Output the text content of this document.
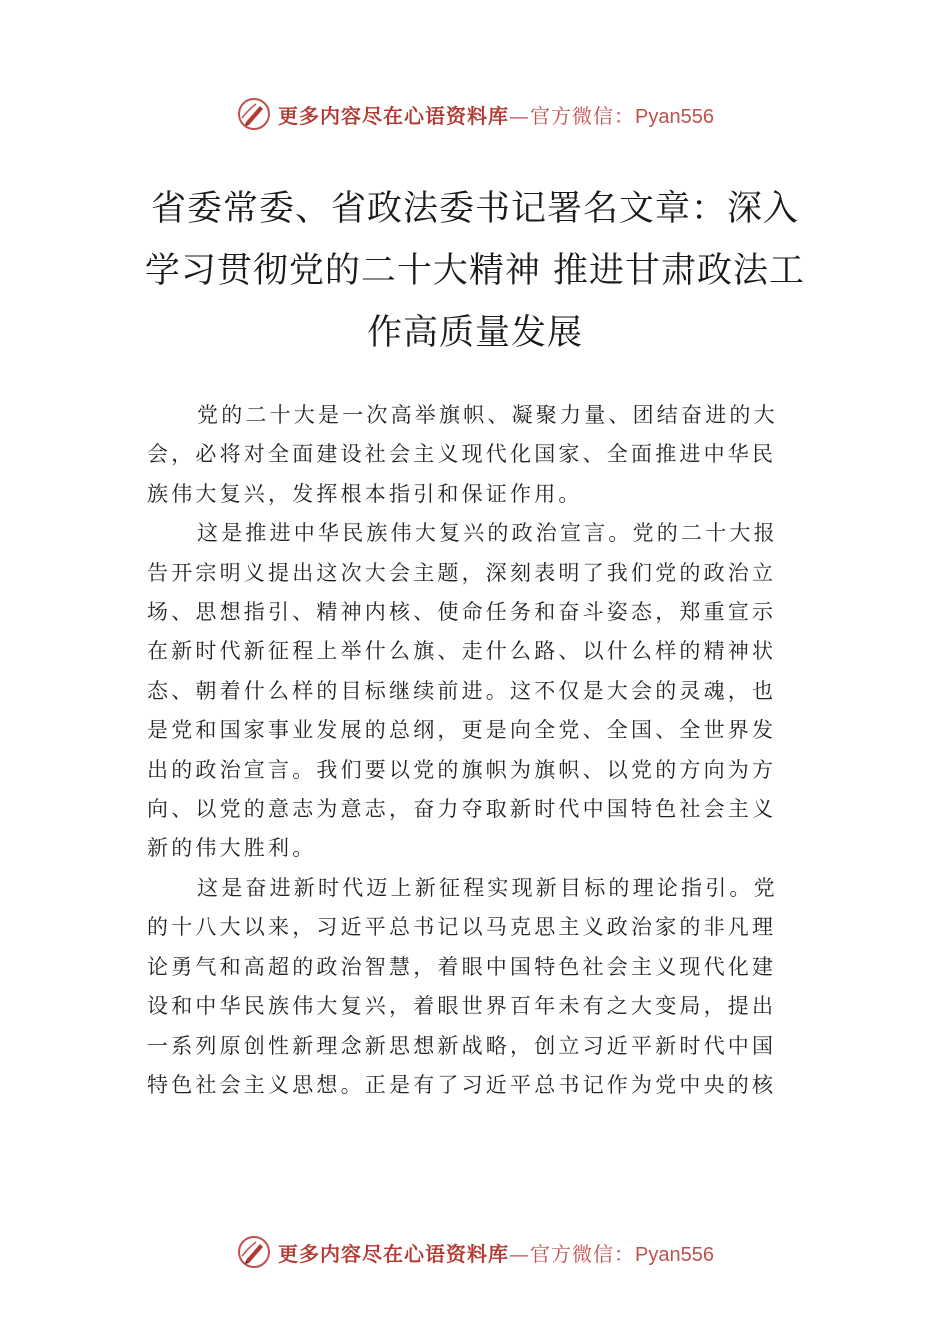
更多内容尽在心语资料库—官方微信：Pyan556
省委常委、省政法委书记署名文章：深入
学习贯彻党的二十大精神 推进甘肃政法工
作高质量发展

党的二十大是一次高举旗帜、凝聚力量、团结奋进的大
会，必将对全面建设社会主义现代化国家、全面推进中华民
族伟大复兴，发挥根本指引和保证作用。

这是推进中华民族伟大复兴的政治宣言。党的二十大报
告开宗明义提出这次大会主题，深刻表明了我们党的政治立
场、思想指引、精神内核、使命任务和奋斗姿态，郑重宣示
在新时代新征程上举什么旗、走什么路、以什么样的精神状
态、朝着什么样的目标继续前进。这不仅是大会的灵魂，也
是党和国家事业发展的总纲，更是向全党、全国、全世界发
出的政治宣言。我们要以党的旗帜为旗帜、以党的方向为方
向、以党的意志为意志，奋力夺取新时代中国特色社会主义
新的伟大胜利。

这是奋进新时代迈上新征程实现新目标的理论指引。党
的十八大以来，习近平总书记以马克思主义政治家的非凡理
论勇气和高超的政治智慧，着眼中国特色社会主义现代化建
设和中华民族伟大复兴，着眼世界百年未有之大变局，提出
一系列原创性新理念新思想新战略，创立习近平新时代中国
特色社会主义思想。正是有了习近平总书记作为党中央的核

更多内容尽在心语资料库—官方微信：Pyan556
